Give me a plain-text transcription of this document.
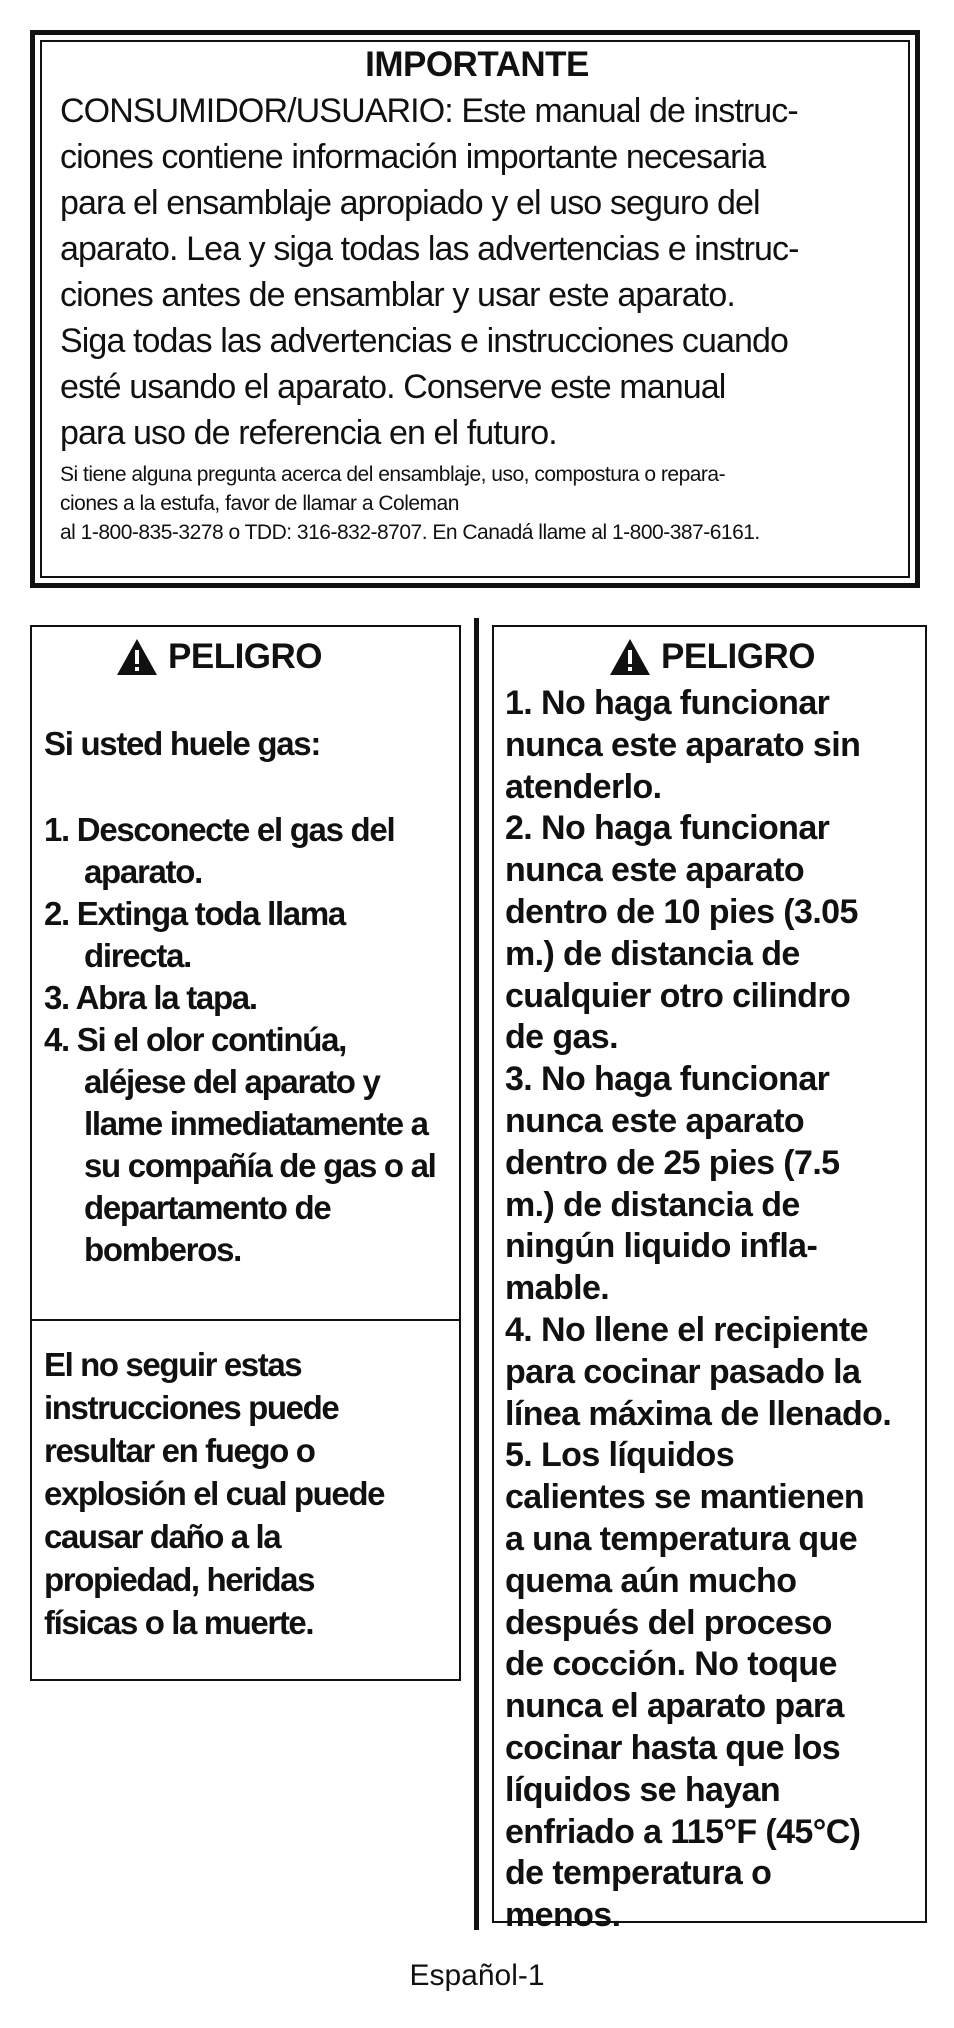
IMPORTANTE
CONSUMIDOR/USUARIO: Este manual de instruc-
ciones contiene información importante necesaria
para el ensamblaje apropiado y el uso seguro del
aparato. Lea y siga todas las advertencias e instruc-
ciones antes de ensamblar y usar este aparato.
Siga todas las advertencias e instrucciones cuando
esté usando el aparato. Conserve este manual
para uso de referencia en el futuro.
Si tiene alguna pregunta acerca del ensamblaje, uso, compostura o repara-
ciones a la estufa, favor de llamar a Coleman
al 1-800-835-3278 o TDD: 316-832-8707. En Canadá llame al 1-800-387-6161.
PELIGRO
Si usted huele gas:
1. Desconecte el gas del aparato.
2. Extinga toda llama directa.
3. Abra la tapa.
4. Si el olor continúa, aléjese del aparato y llame inmediatamente a su compañía de gas o al departamento de bomberos.
El no seguir estas
instrucciones puede
resultar en fuego o
explosión el cual puede
causar daño a la
propiedad, heridas
físicas o la muerte.
PELIGRO
1. No haga funcionar
nunca este aparato sin
atenderlo.
2. No haga funcionar
nunca este aparato
dentro de 10 pies (3.05
m.) de distancia de
cualquier otro cilindro
de gas.
3. No haga funcionar
nunca este aparato
dentro de 25 pies (7.5
m.) de distancia de
ningún liquido infla-
mable.
4. No llene el recipiente
para cocinar pasado la
línea máxima de llenado.
5. Los líquidos
calientes se mantienen
a una temperatura que
quema aún mucho
después del proceso
de cocción. No toque
nunca el aparato para
cocinar hasta que los
líquidos se hayan
enfriado a 115°F (45°C)
de temperatura o
menos.
Español-1
